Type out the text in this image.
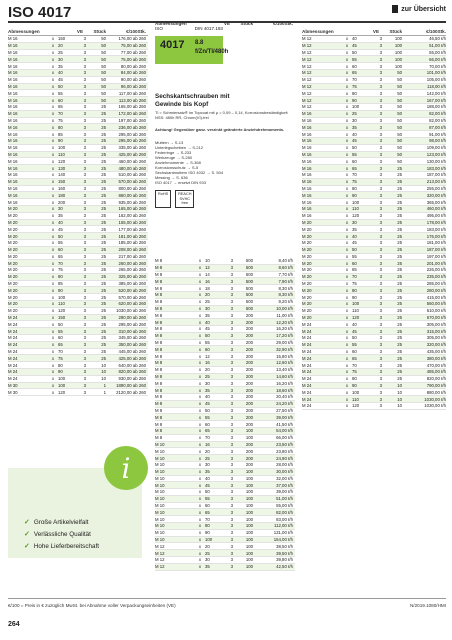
ISO 4017	zur Übersicht
Abmessungen	VE	Stück	€/100Stk.
M 16	x 150	3	50	176,00 ab 260
M 16	x 20	3	50	75,00 ab 260
M 16	x 25	3	50	77,00 ab 260
M 16	x 30	3	50	75,00 ab 260
M 16	x 35	3	50	80,00 ab 260
M 16	x 40	3	50	84,00 ab 260
M 16	x 45	3	50	90,00 ab 260
M 16	x 50	3	50	96,00 ab 260
M 16	x 55	3	50	117,00 ab 260
M 16	x 60	3	50	113,00 ab 260
M 16	x 65	3	25	165,00 ab 260
M 16	x 70	3	25	172,00 ab 260
M 16	x 75	3	25	197,00 ab 260
M 16	x 80	3	25	236,00 ab 260
M 16	x 85	3	25	295,00 ab 260
M 16	x 90	3	25	295,00 ab 260
M 16	x 100	3	25	335,00 ab 260
M 16	x 110	3	25	425,00 ab 260
M 16	x 120	3	25	460,00 ab 260
M 16	x 130	3	25	480,00 ab 260
M 16	x 140	3	25	510,00 ab 260
M 16	x 150	3	25	570,00 ab 260
M 16	x 160	3	25	800,00 ab 260
M 16	x 180	3	25	860,00 ab 260
M 16	x 200	3	25	935,00 ab 260
M 20	x 30	3	25	165,00 ab 260
M 20	x 35	3	25	162,00 ab 260
M 20	x 40	3	25	155,00 ab 260
M 20	x 45	3	25	177,00 ab 260
M 20	x 50	3	25	181,00 ab 260
M 20	x 55	3	25	185,00 ab 260
M 20	x 60	3	25	208,00 ab 260
M 20	x 65	3	25	217,00 ab 260
M 20	x 70	3	25	260,00 ab 260
M 20	x 75	3	25	265,00 ab 260
M 20	x 80	3	25	325,00 ab 260
M 20	x 85	3	25	385,00 ab 260
M 20	x 90	3	25	520,00 ab 260
M 20	x 100	3	25	570,00 ab 260
M 20	x 110	3	25	620,00 ab 260
M 20	x 120	3	25	1030,00 ab 260
M 24	x 150	3	25	280,00 ab 260
M 24	x 50	3	25	295,00 ab 260
M 24	x 55	3	25	310,00 ab 260
M 24	x 60	3	25	345,00 ab 260
M 24	x 65	3	25	350,00 ab 260
M 24	x 70	3	25	445,00 ab 260
M 24	x 75	3	25	425,00 ab 260
M 24	x 80	3	10	640,00 ab 260
M 24	x 90	3	10	820,00 ab 260
M 24	x 100	3	10	930,00 ab 260
M 30	x 100	3	1	1890,00 ab 260
M 30	x 120	3	1	2120,00 ab 260
ISO	DIN 4017.193
Abmessungen	VE	Stück	€/100Stk.
4017 8.8
f/Zn/Tl/480h
Sechskantschrauben mit Gewinde bis Kopf
Tl = Schmiersatz® im Topcoat mit μ = 0,09 – 0,14, Korrosionsbeständigkeit NSS: 480h RR, Chrom(VI)-frei
Achtung! Gegenüber ganz. verzinkt geänderte Anziehdrehmoments.
Muttern → S-13
Unterlegscheiben → S-212
Federringe → S-233
Werkzeuge → S-280
Anziehmomente → S-368
Korrosionsschutz → S-5
Sechskantmuttern ISO 4032 → S. 504
Messing → S. 636
ISO 4017 → ersetzt DIN 933
RoHS	REACH
SVHC
free
M 8	x 10	3	500	8,40 ℓ/h
M 8	x 12	3	500	8,60 ℓ/h
M 8	x 14	3	500	7,70 ℓ/h
M 8	x 16	3	500	7,90 ℓ/h
M 8	x 18	3	500	8,30 ℓ/h
M 8	x 20	3	500	8,30 ℓ/h
M 8	x 25	3	500	9,20 ℓ/h
M 8	x 30	3	500	10,00 ℓ/h
M 8	x 35	3	200	11,00 ℓ/h
M 8	x 40	3	200	12,20 ℓ/h
M 8	x 45	3	200	16,20 ℓ/h
M 8	x 50	3	200	17,20 ℓ/h
M 8	x 55	3	200	29,00 ℓ/h
M 8	x 60	3	200	32,90 ℓ/h
M 8	x 12	3	200	15,80 ℓ/h
M 8	x 16	3	200	12,60 ℓ/h
M 8	x 20	3	200	13,40 ℓ/h
M 8	x 25	3	200	14,60 ℓ/h
M 8	x 30	3	200	16,20 ℓ/h
M 8	x 35	3	200	18,60 ℓ/h
M 8	x 40	3	200	20,40 ℓ/h
M 8	x 45	3	200	24,20 ℓ/h
M 8	x 50	3	200	27,50 ℓ/h
M 8	x 55	3	200	39,00 ℓ/h
M 8	x 60	3	200	41,50 ℓ/h
M 8	x 65	3	100	54,00 ℓ/h
M 8	x 70	3	100	66,00 ℓ/h
M 10	x 16	3	200	23,50 ℓ/h
M 10	x 20	3	200	23,80 ℓ/h
M 10	x 25	3	200	24,90 ℓ/h
M 10	x 30	3	200	28,00 ℓ/h
M 10	x 35	3	100	30,00 ℓ/h
M 10	x 40	3	100	32,00 ℓ/h
M 10	x 45	3	100	37,00 ℓ/h
M 10	x 50	3	100	39,00 ℓ/h
M 10	x 55	3	100	51,00 ℓ/h
M 10	x 60	3	100	55,00 ℓ/h
M 10	x 65	3	100	82,00 ℓ/h
M 10	x 70	3	100	83,00 ℓ/h
M 10	x 80	3	100	112,00 ℓ/h
M 10	x 90	3	100	131,00 ℓ/h
M 10	x 100	3	100	154,00 ℓ/h
M 12	x 20	3	100	38,50 ℓ/h
M 12	x 25	3	100	39,50 ℓ/h
M 12	x 30	3	100	39,80 ℓ/h
M 12	x 35	3	100	42,50 ℓ/h
Abmessungen	VE	Stück	€/100Stk.
M 12	x 40	3	100	46,50 ℓ/h
M 12	x 45	3	100	51,00 ℓ/h
M 12	x 50	3	100	55,00 ℓ/h
M 12	x 55	3	100	66,00 ℓ/h
M 12	x 60	3	100	70,00 ℓ/h
M 12	x 65	3	50	101,00 ℓ/h
M 12	x 70	3	50	105,00 ℓ/h
M 12	x 75	3	50	118,00 ℓ/h
M 12	x 80	3	50	142,00 ℓ/h
M 12	x 90	3	50	167,00 ℓ/h
M 12	x 100	3	50	188,00 ℓ/h
M 16	x 25	3	50	82,00 ℓ/h
M 16	x 30	3	50	82,00 ℓ/h
M 16	x 35	3	50	87,00 ℓ/h
M 16	x 40	3	50	91,00 ℓ/h
M 16	x 45	3	50	98,00 ℓ/h
M 16	x 50	3	50	109,00 ℓ/h
M 16	x 55	3	50	123,00 ℓ/h
M 16	x 60	3	50	130,00 ℓ/h
M 16	x 65	3	25	183,00 ℓ/h
M 16	x 70	3	25	187,00 ℓ/h
M 16	x 75	3	25	213,00 ℓ/h
M 16	x 80	3	25	255,00 ℓ/h
M 16	x 90	3	25	320,00 ℓ/h
M 16	x 100	3	25	365,00 ℓ/h
M 16	x 110	3	25	460,00 ℓ/h
M 16	x 120	3	25	495,00 ℓ/h
M 20	x 30	3	25	178,00 ℓ/h
M 20	x 35	3	25	183,00 ℓ/h
M 20	x 40	3	25	176,00 ℓ/h
M 20	x 45	3	25	181,00 ℓ/h
M 20	x 50	3	25	187,00 ℓ/h
M 20	x 55	3	25	197,00 ℓ/h
M 20	x 60	3	25	201,00 ℓ/h
M 20	x 65	3	25	226,00 ℓ/h
M 20	x 70	3	25	235,00 ℓ/h
M 20	x 75	3	25	285,00 ℓ/h
M 20	x 80	3	25	280,00 ℓ/h
M 20	x 90	3	25	415,00 ℓ/h
M 20	x 100	3	25	560,00 ℓ/h
M 20	x 110	3	25	610,00 ℓ/h
M 20	x 120	3	25	670,00 ℓ/h
M 24	x 40	3	25	305,00 ℓ/h
M 24	x 45	3	25	315,00 ℓ/h
M 24	x 50	3	25	305,00 ℓ/h
M 24	x 55	3	25	320,00 ℓ/h
M 24	x 60	3	25	435,00 ℓ/h
M 24	x 65	3	25	380,00 ℓ/h
M 24	x 70	3	25	470,00 ℓ/h
M 24	x 75	3	25	485,00 ℓ/h
M 24	x 80	3	25	820,00 ℓ/h
M 24	x 90	3	10	790,00 ℓ/h
M 24	x 100	3	10	880,00 ℓ/h
M 24	x 110	3	10	1030,00 ℓ/h
M 24	x 120	3	10	1030,00 ℓ/h
i
✓ Große Artikelvielfalt
✓ Verlässliche Qualität
✓ Hohe Lieferbereitschaft
€/100 = Preis in € zuzüglich MwSt. bei Abnahme voller Verpackungseinheiten (VE)	N/2019.1080/HMI
264
